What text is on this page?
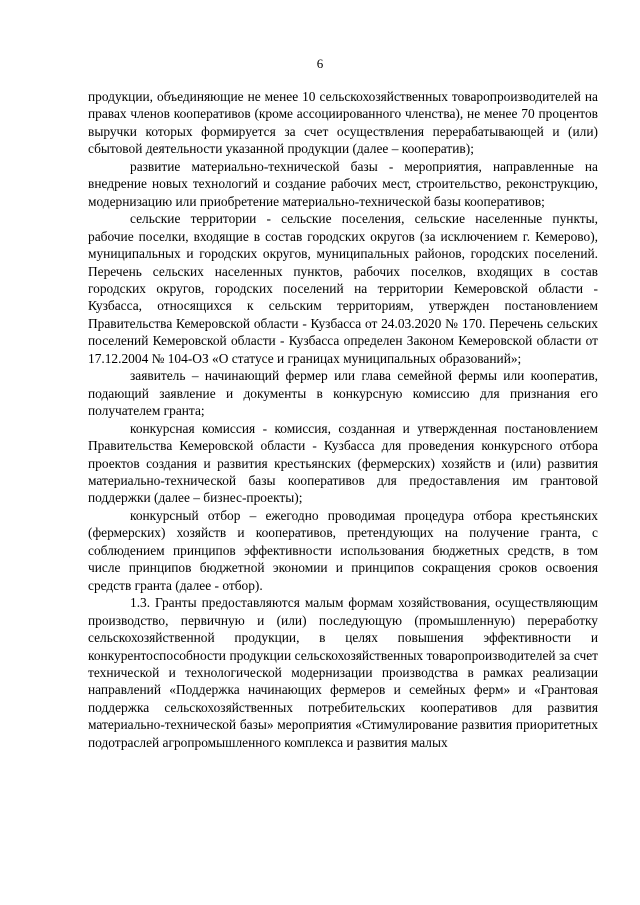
6

продукции, объединяющие не менее 10 сельскохозяйственных товаропроизводителей на правах членов кооперативов (кроме ассоциированного членства), не менее 70 процентов выручки которых формируется за счет осуществления перерабатывающей и (или) сбытовой деятельности указанной продукции (далее – кооператив);

развитие материально-технической базы - мероприятия, направленные на внедрение новых технологий и создание рабочих мест, строительство, реконструкцию, модернизацию или приобретение материально-технической базы кооперативов;

сельские территории - сельские поселения, сельские населенные пункты, рабочие поселки, входящие в состав городских округов (за исключением г. Кемерово), муниципальных и городских округов, муниципальных районов, городских поселений. Перечень сельских населенных пунктов, рабочих поселков, входящих в состав городских округов, городских поселений на территории Кемеровской области - Кузбасса, относящихся к сельским территориям, утвержден постановлением Правительства Кемеровской области - Кузбасса от 24.03.2020 № 170. Перечень сельских поселений Кемеровской области - Кузбасса определен Законом Кемеровской области от 17.12.2004 № 104-ОЗ «О статусе и границах муниципальных образований»;

заявитель – начинающий фермер или глава семейной фермы или кооператив, подающий заявление и документы в конкурсную комиссию для признания его получателем гранта;

конкурсная комиссия - комиссия, созданная и утвержденная постановлением Правительства Кемеровской области - Кузбасса для проведения конкурсного отбора проектов создания и развития крестьянских (фермерских) хозяйств и (или) развития материально-технической базы кооперативов для предоставления им грантовой поддержки (далее – бизнес-проекты);

конкурсный отбор – ежегодно проводимая процедура отбора крестьянских (фермерских) хозяйств и кооперативов, претендующих на получение гранта, с соблюдением принципов эффективности использования бюджетных средств, в том числе принципов бюджетной экономии и принципов сокращения сроков освоения средств гранта (далее - отбор).

1.3. Гранты предоставляются малым формам хозяйствования, осуществляющим производство, первичную и (или) последующую (промышленную) переработку сельскохозяйственной продукции, в целях повышения эффективности и конкурентоспособности продукции сельскохозяйственных товаропроизводителей за счет технической и технологической модернизации производства в рамках реализации направлений «Поддержка начинающих фермеров и семейных ферм» и «Грантовая поддержка сельскохозяйственных потребительских кооперативов для развития материально-технической базы» мероприятия «Стимулирование развития приоритетных подотраслей агропромышленного комплекса и развития малых
